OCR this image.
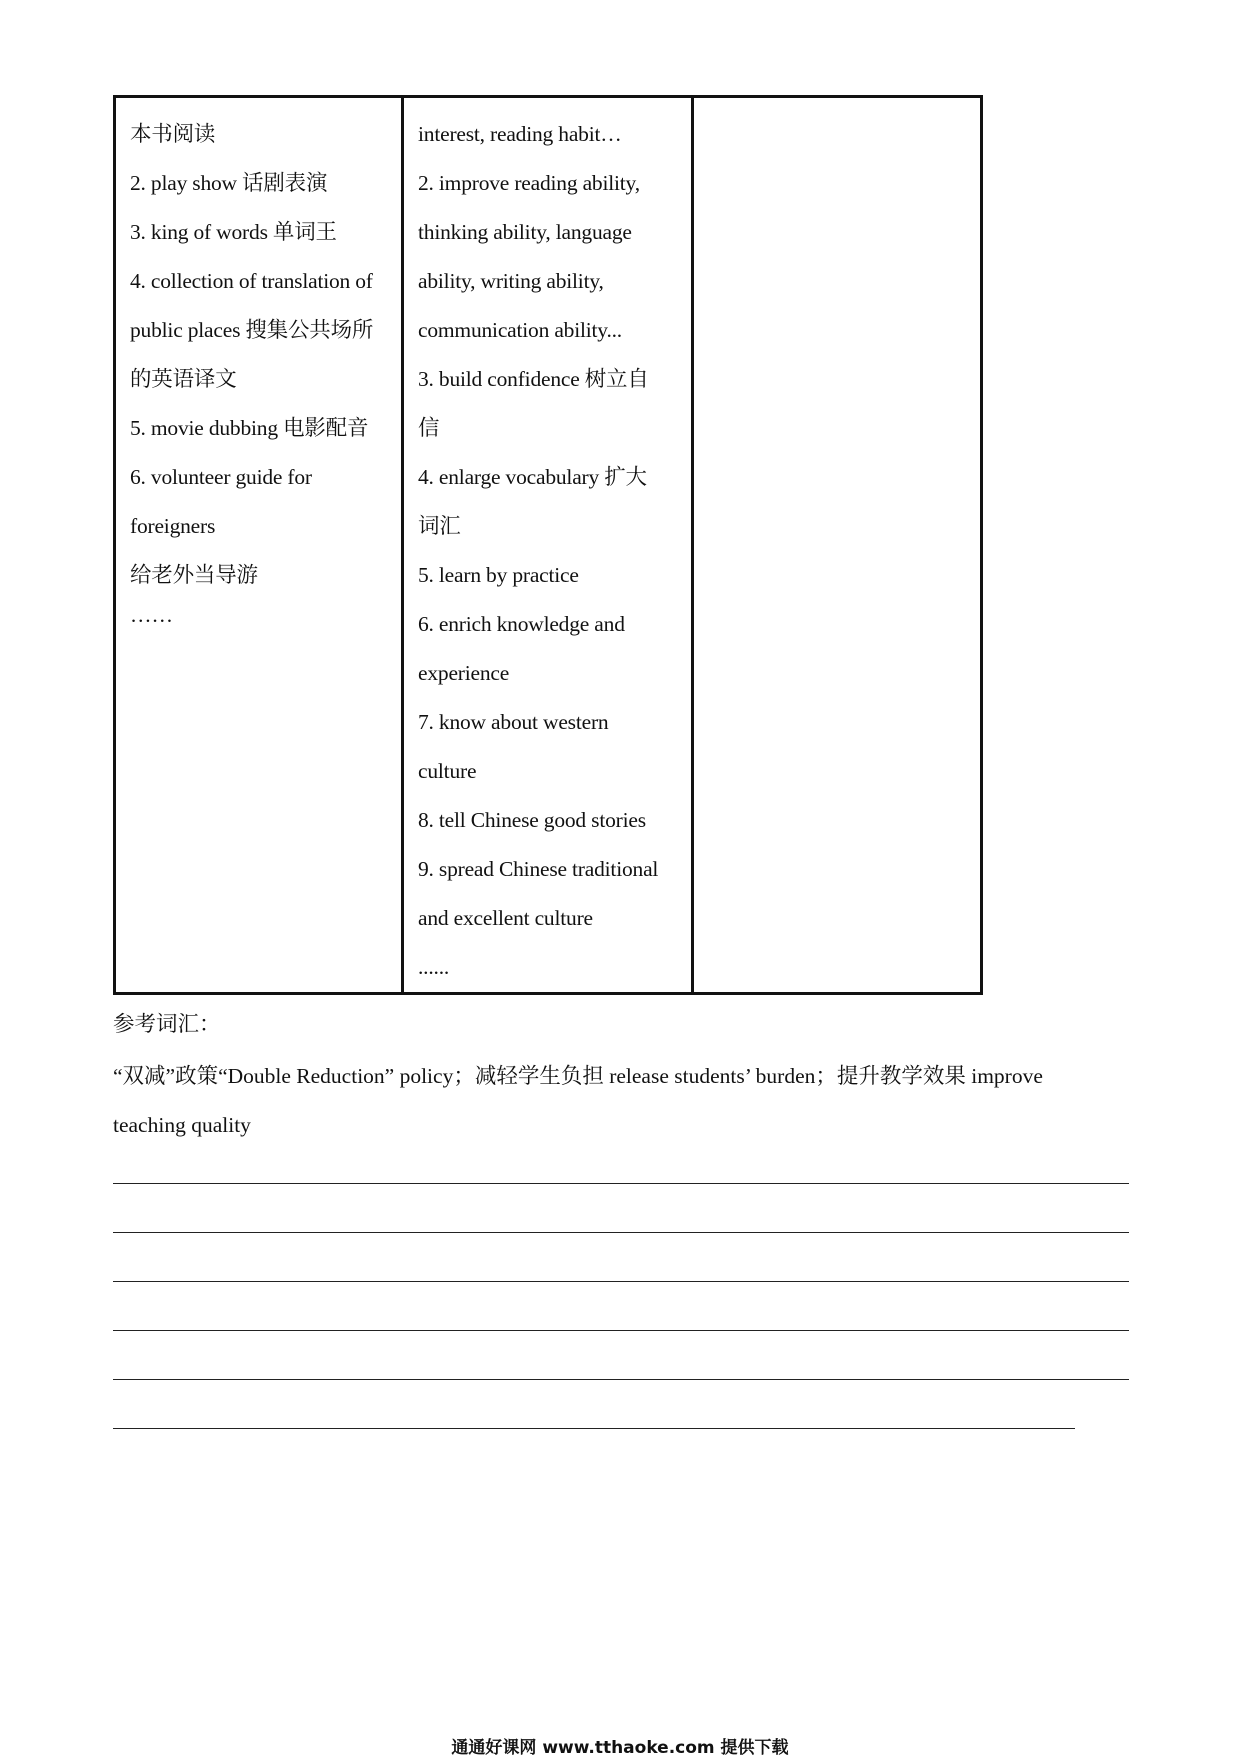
本书阅读
2. play show 话剧表演
3. king of words 单词王
4. collection of translation of
public places 搜集公共场所
的英语译文
5. movie dubbing 电影配音
6. volunteer guide for
foreigners
给老外当导游
……
interest, reading habit…
2. improve reading ability,
thinking ability, language
ability, writing ability,
communication ability...
3. build confidence 树立自
信
4. enlarge vocabulary 扩大
词汇
5. learn by practice
6. enrich knowledge and
experience
7. know about western
culture
8. tell Chinese good stories
9. spread Chinese traditional
and excellent culture
......
参考词汇：
“双减”政策“Double Reduction” policy；减轻学生负担 release students’ burden；提升教学效果 improve
teaching quality
通通好课网 www.tthaoke.com 提供下载
